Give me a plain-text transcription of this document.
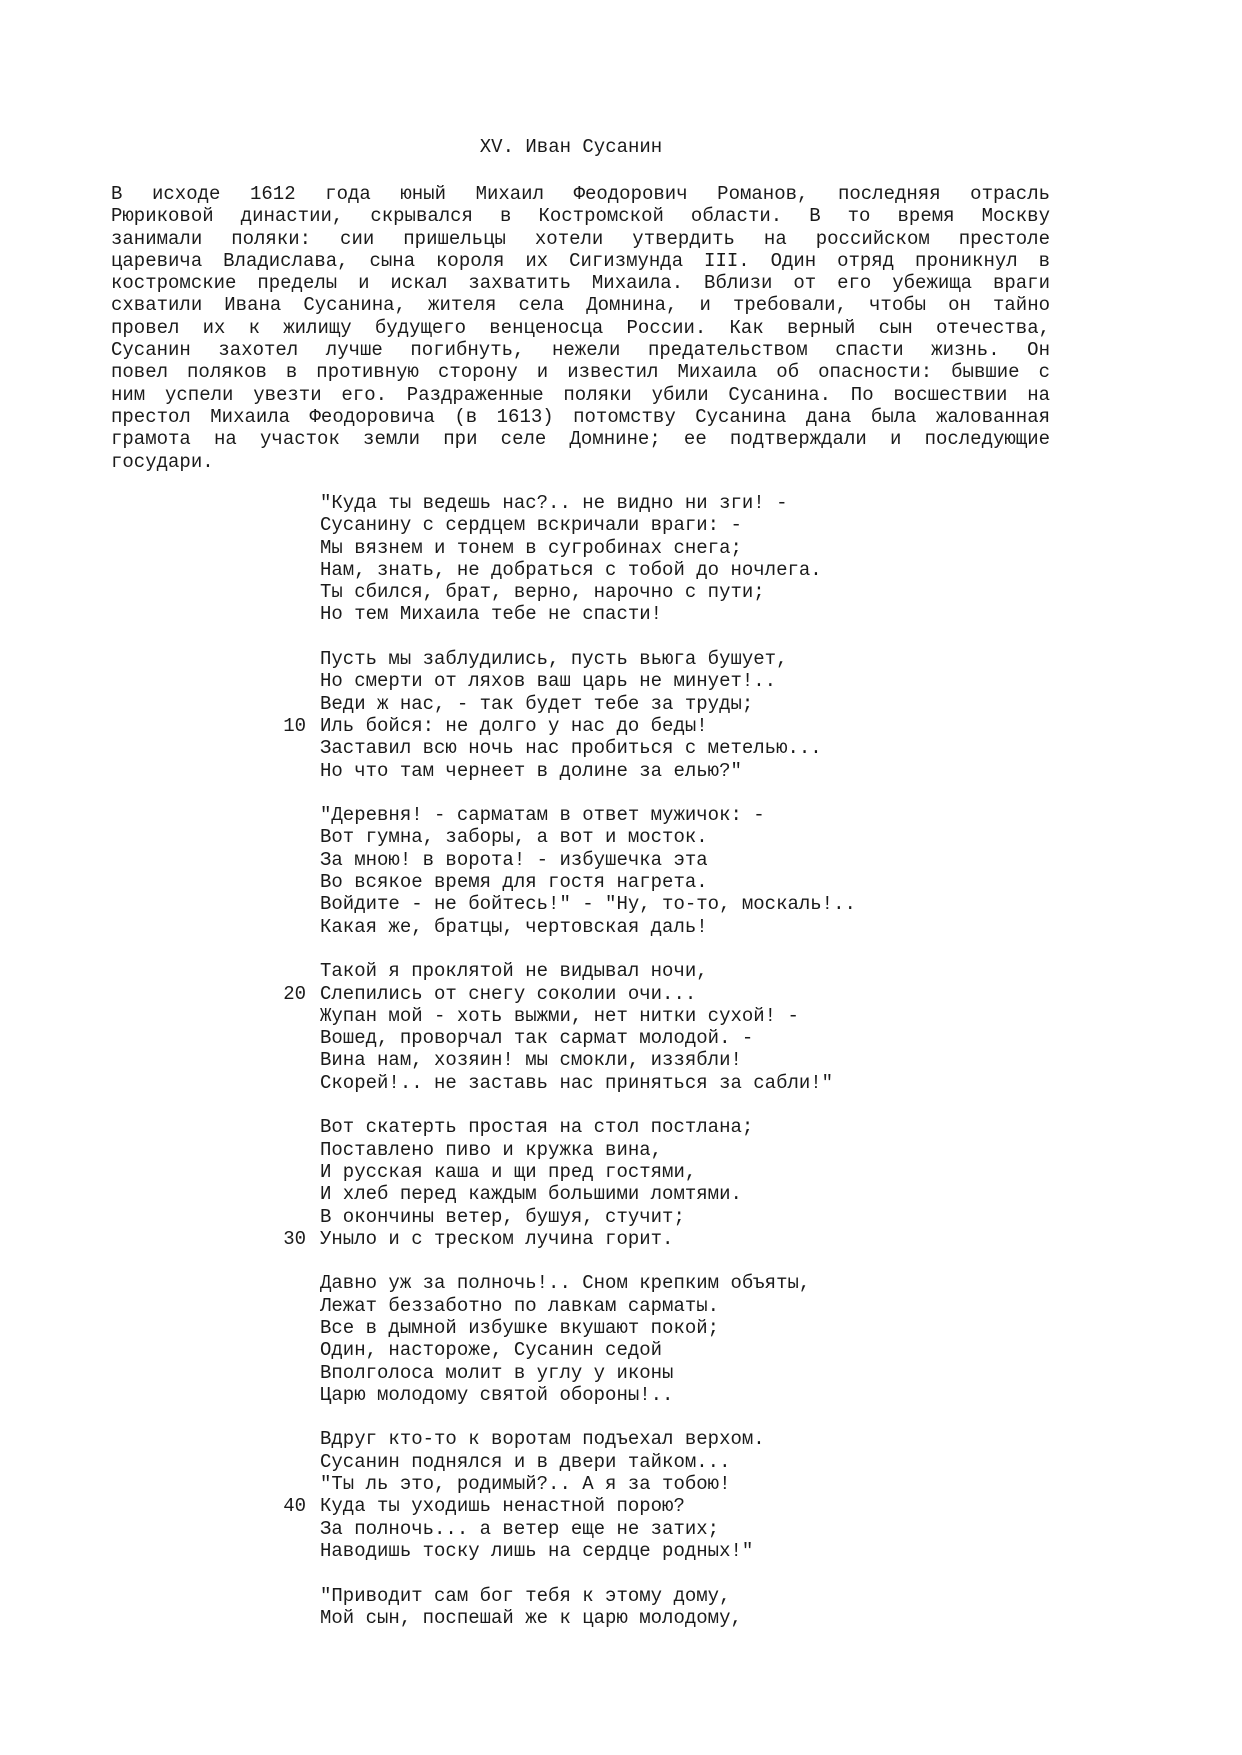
XV. Иван Сусанин
В исходе 1612 года юный Михаил Феодорович Романов, последняя отрасль
Рюриковой династии, скрывался в Костромской области. В то время Москву
занимали поляки: сии пришельцы хотели утвердить на российском престоле
царевича Владислава, сына короля их Сигизмунда III. Один отряд проникнул в
костромские пределы и искал захватить Михаила. Вблизи от его убежища враги
схватили Ивана Сусанина, жителя села Домнина, и требовали, чтобы он тайно
провел их к жилищу будущего венценосца России. Как верный сын отечества,
Сусанин захотел лучше погибнуть, нежели предательством спасти жизнь. Он
повел поляков в противную сторону и известил Михаила об опасности: бывшие с
ним успели увезти его. Раздраженные поляки убили Сусанина. По восшествии на
престол Михаила Феодоровича (в 1613) потомству Сусанина дана была жалованная
грамота на участок земли при селе Домнине; ее подтверждали и последующие
государи.
"Куда ты ведешь нас?.. не видно ни зги! -
Сусанину с сердцем вскричали враги: -
Мы вязнем и тонем в сугробинах снега;
Нам, знать, не добраться с тобой до ночлега.
Ты сбился, брат, верно, нарочно с пути;
Но тем Михаила тебе не спасти!
Пусть мы заблудились, пусть вьюга бушует,
Но смерти от ляхов ваш царь не минует!..
Веди ж нас, - так будет тебе за труды;
10 Иль бойся: не долго у нас до беды!
Заставил всю ночь нас пробиться с метелью...
Но что там чернеет в долине за елью?"
"Деревня! - сарматам в ответ мужичок: -
Вот гумна, заборы, а вот и мосток.
За мною! в ворота! - избушечка эта
Во всякое время для гостя нагрета.
Войдите - не бойтесь!" - "Ну, то-то, москаль!..
Какая же, братцы, чертовская даль!
Такой я проклятой не видывал ночи,
20 Слепились от снегу соколии очи...
Жупан мой - хоть выжми, нет нитки сухой! -
Вошед, проворчал так сармат молодой. -
Вина нам, хозяин! мы смокли, иззябли!
Скорей!.. не заставь нас приняться за сабли!"
Вот скатерть простая на стол постлана;
Поставлено пиво и кружка вина,
И русская каша и щи пред гостями,
И хлеб перед каждым большими ломтями.
В окончины ветер, бушуя, стучит;
30 Уныло и с треском лучина горит.
Давно уж за полночь!.. Сном крепким объяты,
Лежат беззаботно по лавкам сарматы.
Все в дымной избушке вкушают покой;
Один, настороже, Сусанин седой
Вполголоса молит в углу у иконы
Царю молодому святой обороны!..
Вдруг кто-то к воротам подъехал верхом.
Сусанин поднялся и в двери тайком...
"Ты ль это, родимый?.. А я за тобою!
40 Куда ты уходишь ненастной порою?
За полночь... а ветер еще не затих;
Наводишь тоску лишь на сердце родных!"
"Приводит сам бог тебя к этому дому,
Мой сын, поспешай же к царю молодому,
